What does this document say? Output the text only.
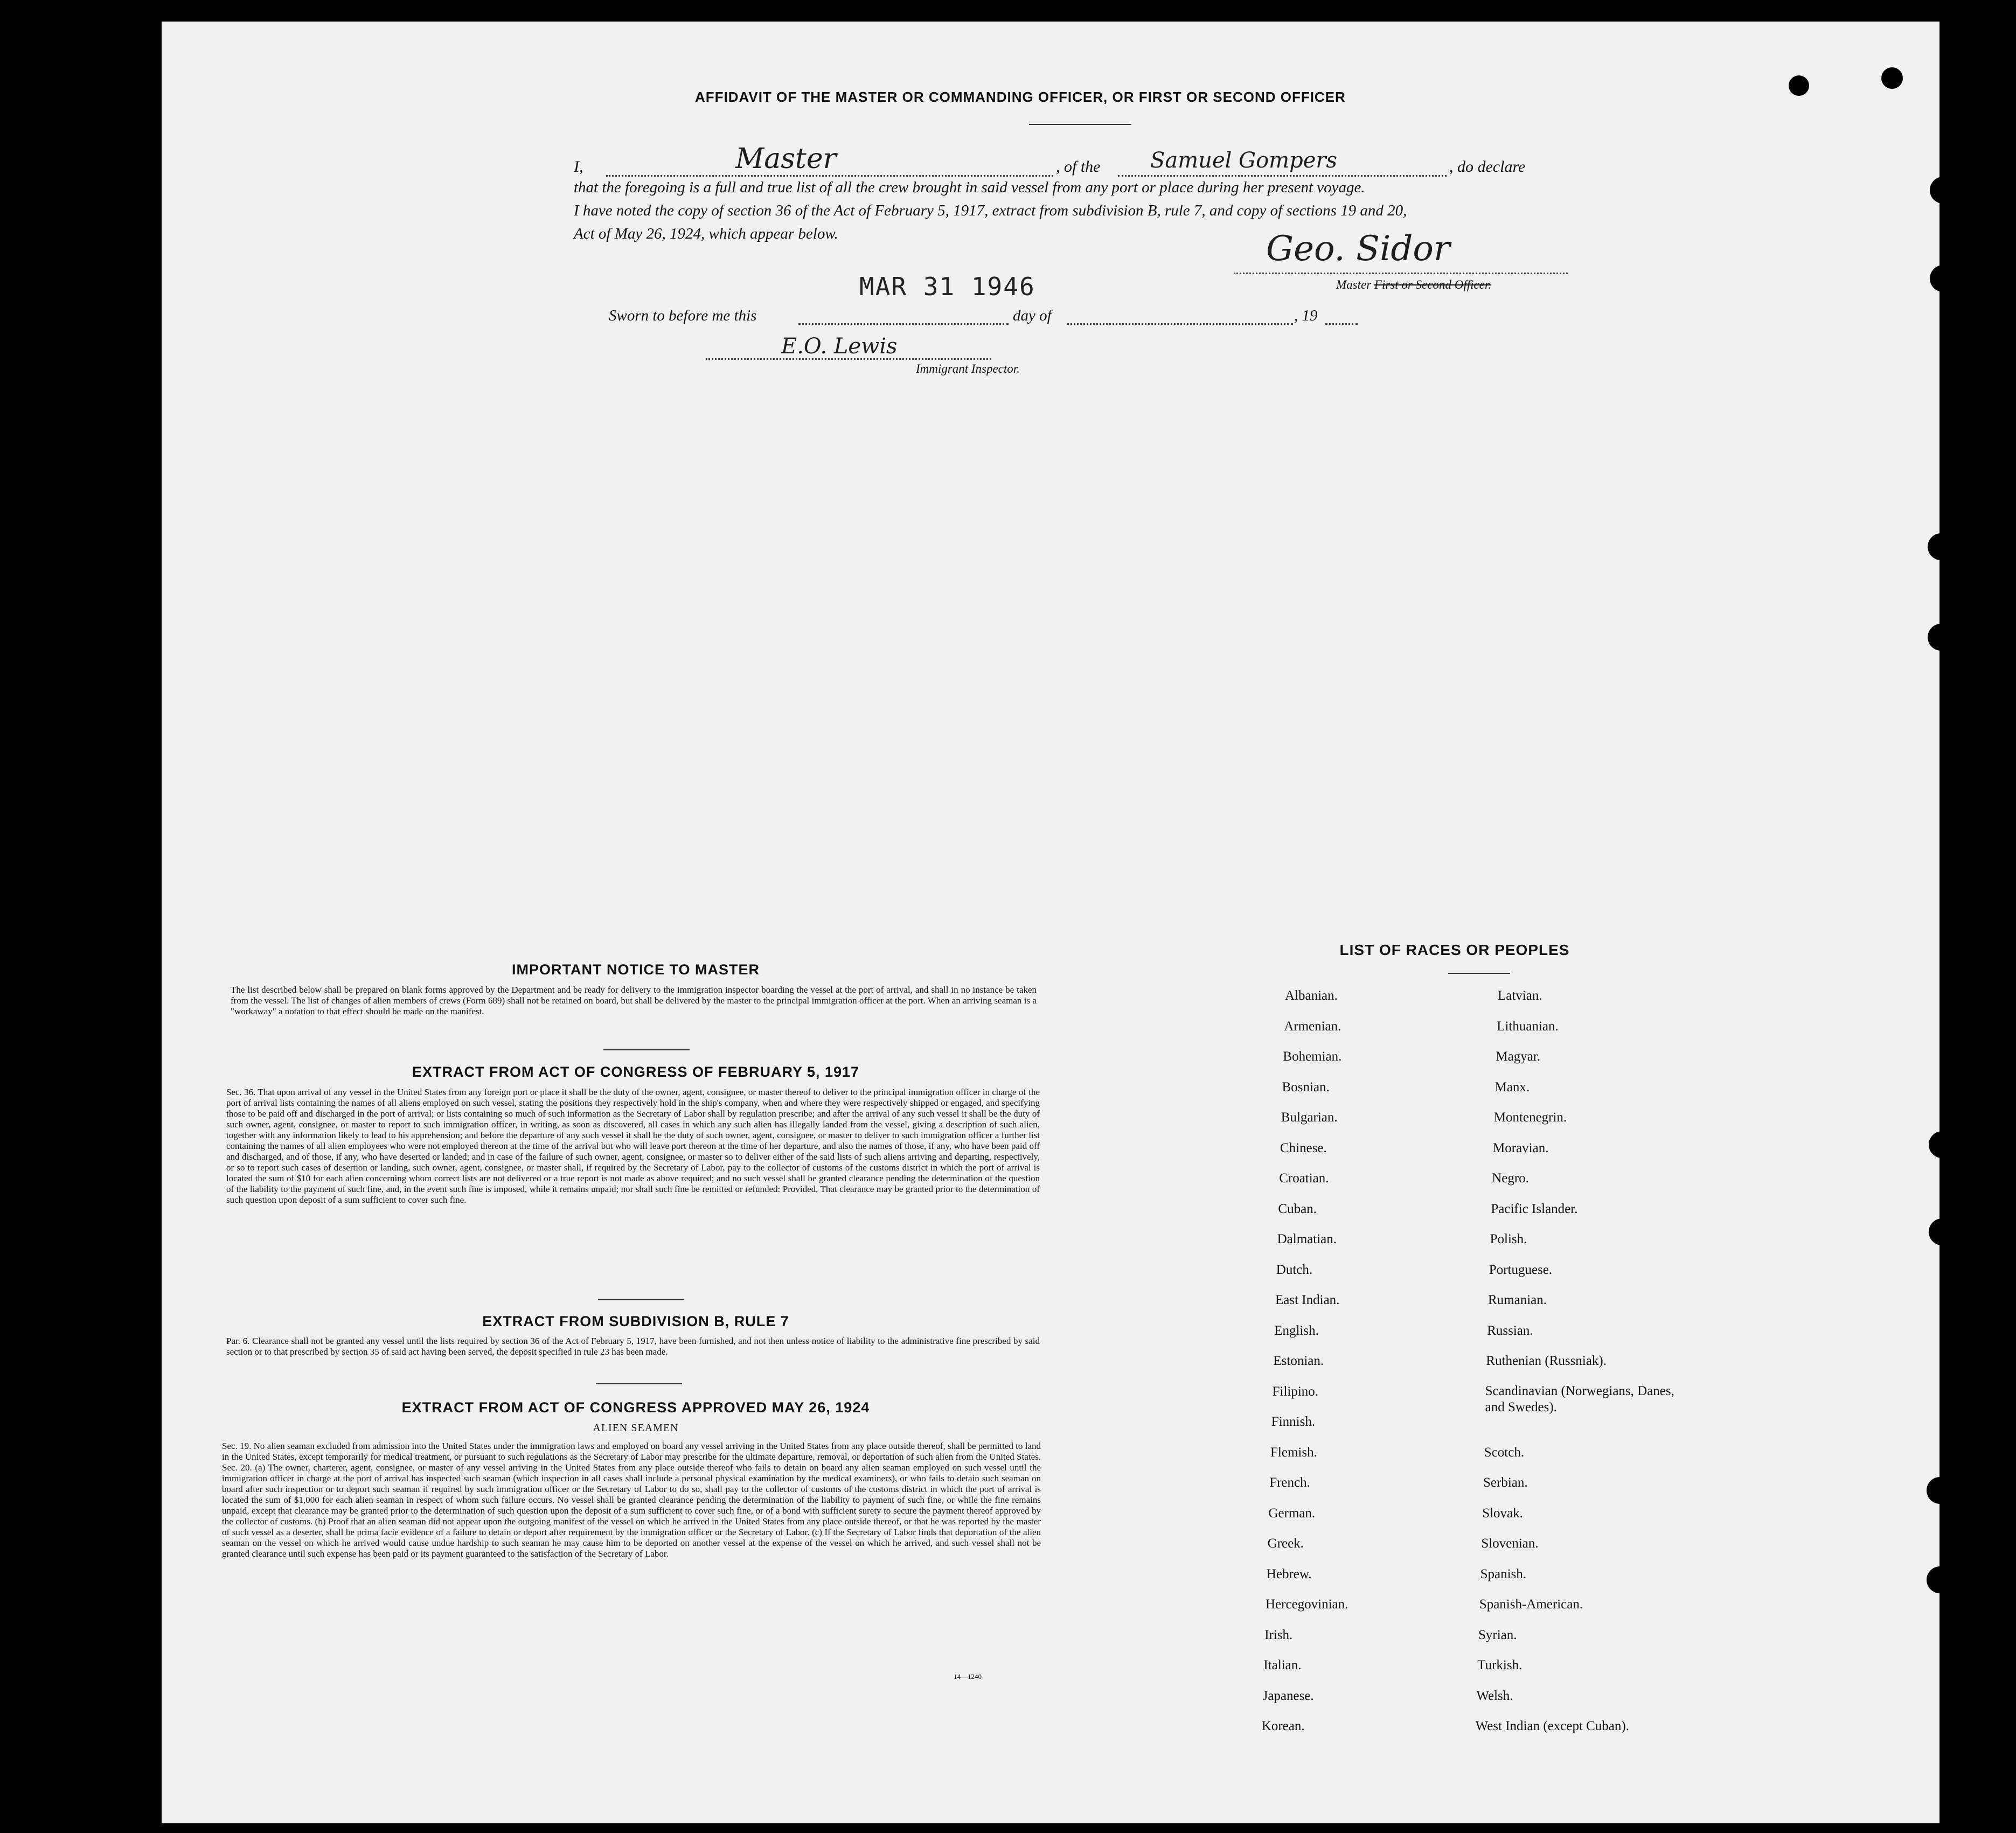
AFFIDAVIT OF THE MASTER OR COMMANDING OFFICER, OR FIRST OR SECOND OFFICER
I,	Master	, of the Samuel Gompers	, do declare
that the foregoing is a full and true list of all the crew brought in said vessel from any port or place during her present voyage.
I have noted the copy of section 36 of the Act of February 5, 1917, extract from subdivision B, rule 7, and copy of sections 19 and 20,
Act of May 26, 1924, which appear below.	Geo. Sidor
Master First or Second Officer.
MAR 31 1946
Sworn to before me this	day of	, 19
E.O. Lewis
Immigrant Inspector.
IMPORTANT NOTICE TO MASTER
The list described below shall be prepared on blank forms approved by the Department and be ready for delivery to the immigration inspector boarding the vessel at the port of arrival, and shall in no instance be taken from the vessel. The list of changes of alien members of crews (Form 689) shall not be retained on board, but shall be delivered by the master to the principal immigration officer at the port. When an arriving seaman is a "workaway" a notation to that effect should be made on the manifest.
EXTRACT FROM ACT OF CONGRESS OF FEBRUARY 5, 1917
Sec. 36. That upon arrival of any vessel in the United States from any foreign port or place it shall be the duty of the owner, agent, consignee, or master thereof to deliver to the principal immigration officer in charge of the port of arrival lists containing the names of all aliens employed on such vessel, stating the positions they respectively hold in the ship's company, when and where they were respectively shipped or engaged, and specifying those to be paid off and discharged in the port of arrival; or lists containing so much of such information as the Secretary of Labor shall by regulation prescribe; and after the arrival of any such vessel it shall be the duty of such owner, agent, consignee, or master to report to such immigration officer, in writing, as soon as discovered, all cases in which any such alien has illegally landed from the vessel, giving a description of such alien, together with any information likely to lead to his apprehension; and before the departure of any such vessel it shall be the duty of such owner, agent, consignee, or master to deliver to such immigration officer a further list containing the names of all alien employees who were not employed thereon at the time of the arrival but who will leave port thereon at the time of her departure, and also the names of those, if any, who have been paid off and discharged, and of those, if any, who have deserted or landed; and in case of the failure of such owner, agent, consignee, or master so to deliver either of the said lists of such aliens arriving and departing, respectively, or so to report such cases of desertion or landing, such owner, agent, consignee, or master shall, if required by the Secretary of Labor, pay to the collector of customs of the customs district in which the port of arrival is located the sum of $10 for each alien concerning whom correct lists are not delivered or a true report is not made as above required; and no such vessel shall be granted clearance pending the determination of the question of the liability to the payment of such fine, and, in the event such fine is imposed, while it remains unpaid; nor shall such fine be remitted or refunded: Provided, That clearance may be granted prior to the determination of such question upon deposit of a sum sufficient to cover such fine.
EXTRACT FROM SUBDIVISION B, RULE 7
Par. 6. Clearance shall not be granted any vessel until the lists required by section 36 of the Act of February 5, 1917, have been furnished, and not then unless notice of liability to the administrative fine prescribed by said section or to that prescribed by section 35 of said act having been served, the deposit specified in rule 23 has been made.
EXTRACT FROM ACT OF CONGRESS APPROVED MAY 26, 1924
ALIEN SEAMEN
Sec. 19. No alien seaman excluded from admission into the United States under the immigration laws and employed on board any vessel arriving in the United States from any place outside thereof, shall be permitted to land in the United States, except temporarily for medical treatment, or pursuant to such regulations as the Secretary of Labor may prescribe for the ultimate departure, removal, or deportation of such alien from the United States. Sec. 20. (a) The owner, charterer, agent, consignee, or master of any vessel arriving in the United States from any place outside thereof who fails to detain on board any alien seaman employed on such vessel until the immigration officer in charge at the port of arrival has inspected such seaman (which inspection in all cases shall include a personal physical examination by the medical examiners), or who fails to detain such seaman on board after such inspection or to deport such seaman if required by such immigration officer or the Secretary of Labor to do so, shall pay to the collector of customs of the customs district in which the port of arrival is located the sum of $1,000 for each alien seaman in respect of whom such failure occurs. No vessel shall be granted clearance pending the determination of the liability to payment of such fine, or while the fine remains unpaid, except that clearance may be granted prior to the determination of such question upon the deposit of a sum sufficient to cover such fine, or of a bond with sufficient surety to secure the payment thereof approved by the collector of customs. (b) Proof that an alien seaman did not appear upon the outgoing manifest of the vessel on which he arrived in the United States from any place outside thereof, or that he was reported by the master of such vessel as a deserter, shall be prima facie evidence of a failure to detain or deport after requirement by the immigration officer or the Secretary of Labor. (c) If the Secretary of Labor finds that deportation of the alien seaman on the vessel on which he arrived would cause undue hardship to such seaman he may cause him to be deported on another vessel at the expense of the vessel on which he arrived, and such vessel shall not be granted clearance until such expense has been paid or its payment guaranteed to the satisfaction of the Secretary of Labor.
14—1240
LIST OF RACES OR PEOPLES
Albanian.
Armenian.
Bohemian.
Bosnian.
Bulgarian.
Chinese.
Croatian.
Cuban.
Dalmatian.
Dutch.
East Indian.
English.
Estonian.
Filipino.
Finnish.
Flemish.
French.
German.
Greek.
Hebrew.
Hercegovinian.
Irish.
Italian.
Japanese.
Korean.
Latvian.
Lithuanian.
Magyar.
Manx.
Montenegrin.
Moravian.
Negro.
Pacific Islander.
Polish.
Portuguese.
Rumanian.
Russian.
Ruthenian (Russniak).
Scandinavian (Norwegians, Danes, and Swedes).
Scotch.
Serbian.
Slovak.
Slovenian.
Spanish.
Spanish-American.
Syrian.
Turkish.
Welsh.
West Indian (except Cuban).
